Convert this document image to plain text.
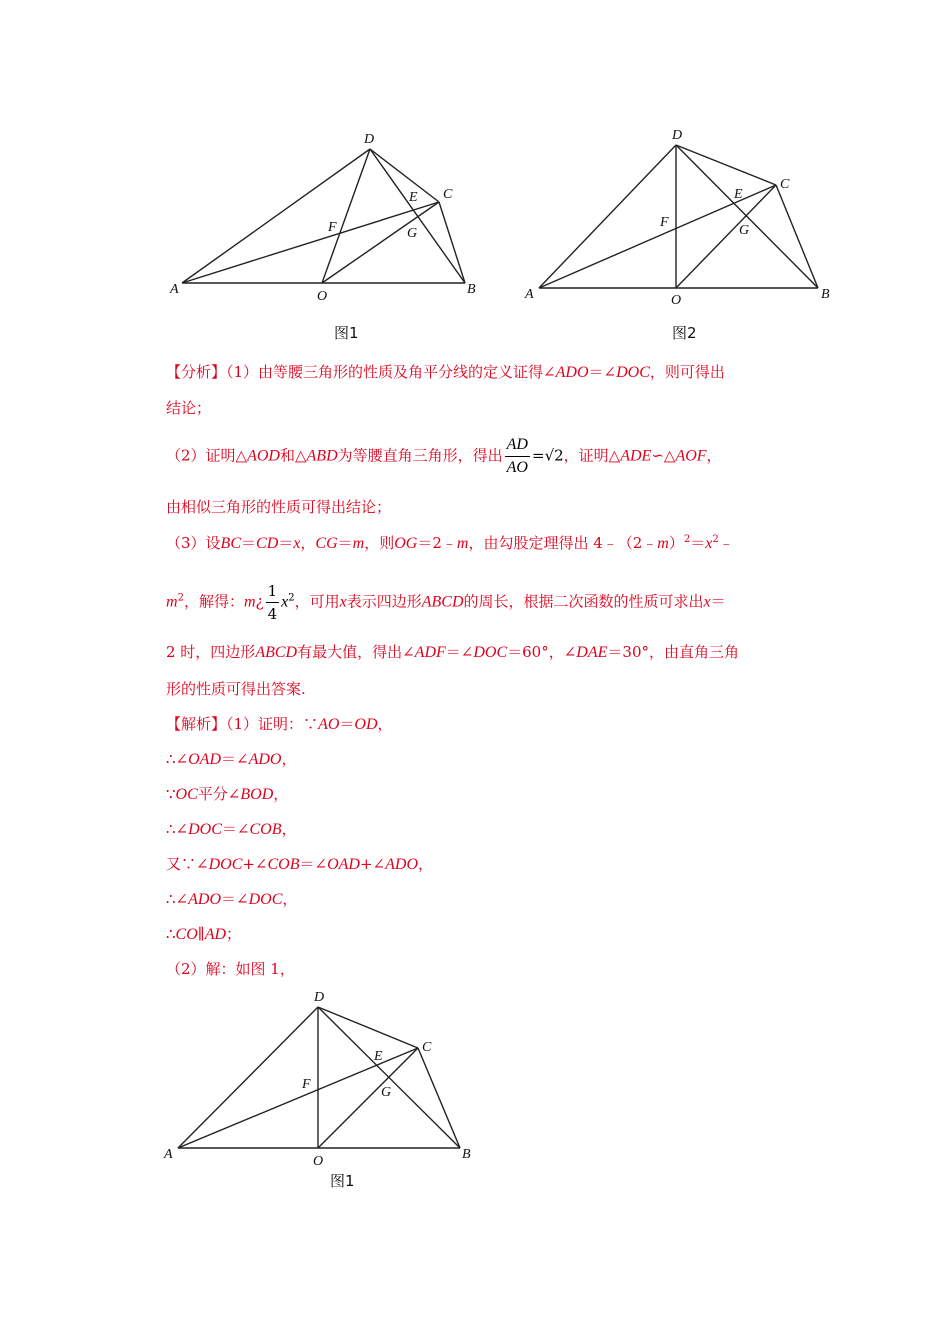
D
C
E
F	G
A	O	B
图1
D
C
E
F
G
A	O	B
图2
【分析】（1）由等腰三角形的性质及角平分线的定义证得∠ADO＝∠DOC，则可得出
结论；
（2）证明△AOD和△ABD为等腰直角三角形，得出 $\frac{AD}{AO} =√2$，证明△ADE∽△AOF，
由相似三角形的性质可得出结论；
（3）设BC＝CD＝x，CG＝m，则OG＝2﹣m，由勾股定理得出 $4﹣(2﹣m)^2=x^2﹣$
$m^2$，解得：m¿ $\frac{1}{4} x^2$，可用x表示四边形ABCD的周长，根据二次函数的性质可求出x＝
2 时，四边形ABCD有最大值，得出∠ADF＝∠DOC＝60°，∠DAE＝30°，由直角三角
形的性质可得出答案.
【解析】（1）证明：∵AO＝OD，
∴∠OAD＝∠ADO，
∵OC平分∠BOD，
∴∠DOC＝∠COB，
又∵∠DOC+∠COB＝∠OAD+∠ADO，
∴∠ADO＝∠DOC，
∴CO∥AD；
（2）解：如图 1，
D
C
E
F
G
A	O	B
图1
